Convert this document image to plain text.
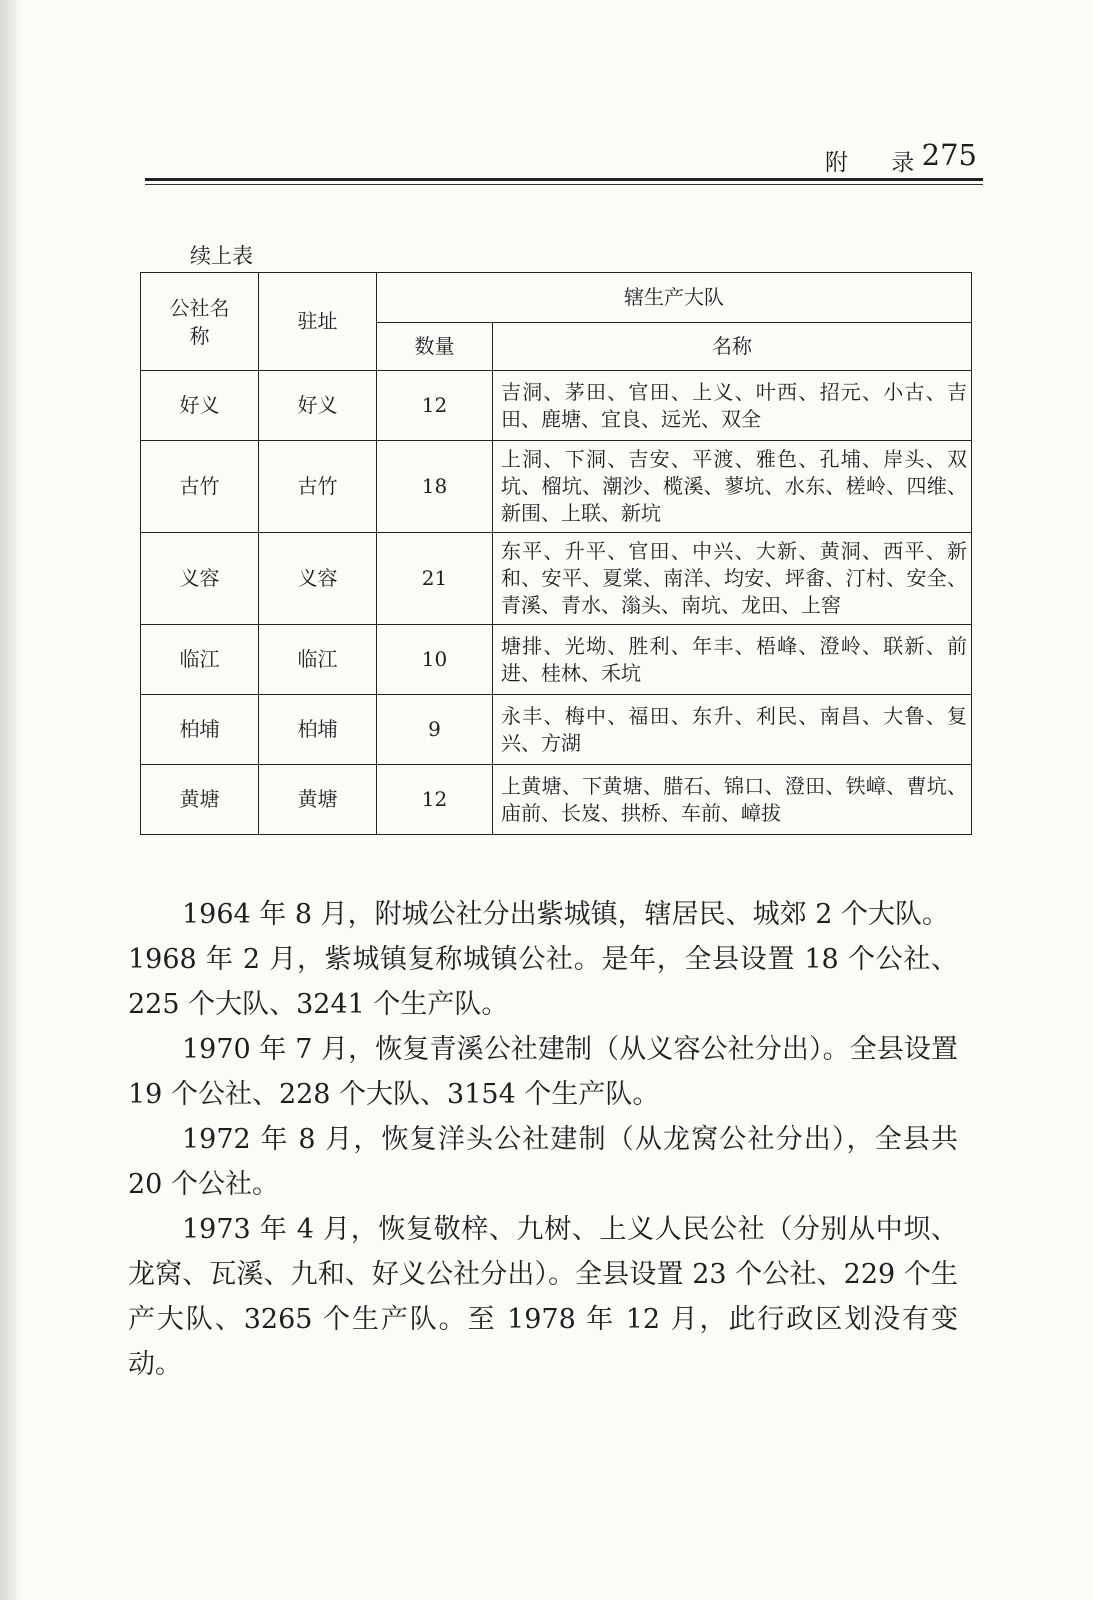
附 录
275
续上表
公社名称	驻址	辖生产大队	
		数量	名称
好义	好义	12	吉洞、茅田、官田、上义、叶西、招元、小古、吉田、鹿塘、宜良、远光、双全
古竹	古竹	18	上洞、下洞、吉安、平渡、雅色、孔埔、岸头、双坑、榴坑、潮沙、榄溪、蓼坑、水东、槎岭、四维、新围、上联、新坑
义容	义容	21	东平、升平、官田、中兴、大新、黄洞、西平、新和、安平、夏棠、南洋、均安、坪畬、汀村、安全、青溪、青水、滃头、南坑、龙田、上窖
临江	临江	10	塘排、光坳、胜利、年丰、梧峰、澄岭、联新、前进、桂林、禾坑
柏埔	柏埔	9	永丰、梅中、福田、东升、利民、南昌、大鲁、复兴、方湖
黄塘	黄塘	12	上黄塘、下黄塘、腊石、锦口、澄田、铁嶂、曹坑、庙前、长岌、拱桥、车前、嶂拔

1964 年 8 月，附城公社分出紫城镇，辖居民、城郊 2 个大队。

1968 年 2 月，紫城镇复称城镇公社。是年，全县设置 18 个公社、225 个大队、3241 个生产队。

1970 年 7 月，恢复青溪公社建制（从义容公社分出）。全县设置 19 个公社、228 个大队、3154 个生产队。

1972 年 8 月，恢复洋头公社建制（从龙窝公社分出），全县共 20 个公社。

1973 年 4 月，恢复敬梓、九树、上义人民公社（分别从中坝、龙窝、瓦溪、九和、好义公社分出）。全县设置 23 个公社、229 个生产大队、3265 个生产队。至 1978 年 12 月，此行政区划没有变动。
